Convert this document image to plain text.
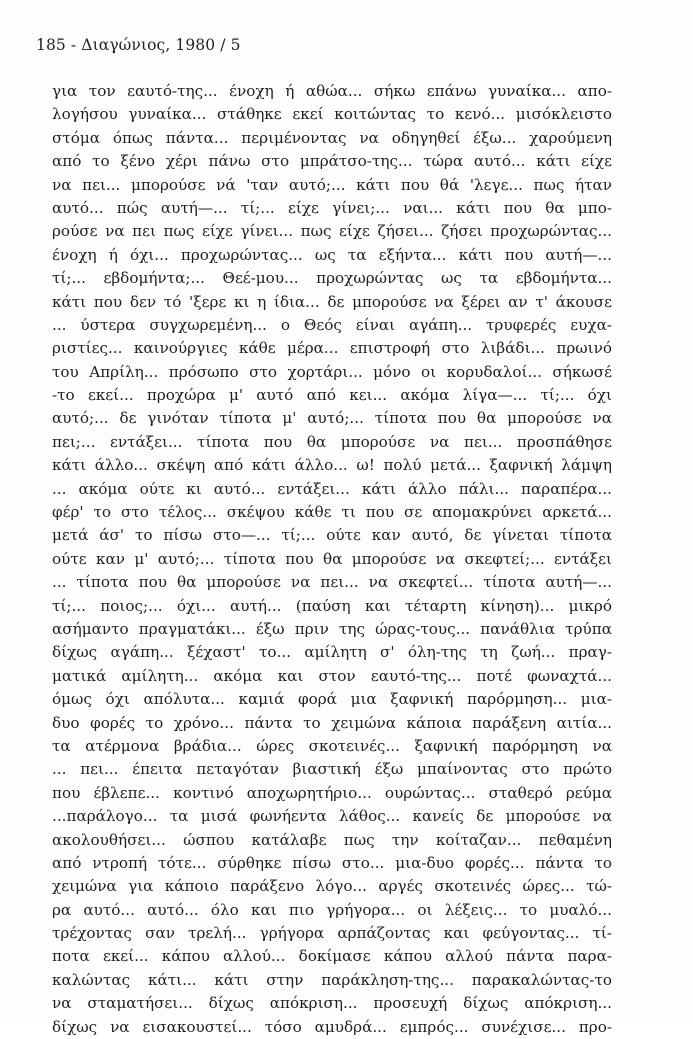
185 - Διαγώνιος, 1980 / 5
για τον εαυτό-της... ένοχη ή αθώα... σήκω επάνω γυναίκα... απο-
λογήσου γυναίκα... στάθηκε εκεί κοιτώντας το κενό... μισόκλειστο
στόμα όπως πάντα... περιμένοντας να οδηγηθεί έξω... χαρούμενη
από το ξένο χέρι πάνω στο μπράτσο-της... τώρα αυτό... κάτι είχε
να πει... μπορούσε νά 'ταν αυτό;... κάτι που θά 'λεγε... πως ήταν
αυτό... πώς αυτή—... τί;... είχε γίνει;... ναι... κάτι που θα μπο-
ρούσε να πει πως είχε γίνει... πως είχε ζήσει... ζήσει προχωρώντας...
ένοχη ή όχι... προχωρώντας... ως τα εξήντα... κάτι που αυτή—...
τί;... εβδομήντα;... Θεέ-μου... προχωρώντας ως τα εβδομήντα...
κάτι που δεν τό 'ξερε κι η ίδια... δε μπορούσε να ξέρει αν τ' άκουσε
... ύστερα συγχωρεμένη... ο Θεός είναι αγάπη... τρυφερές ευχα-
ριστίες... καινούργιες κάθε μέρα... επιστροφή στο λιβάδι... πρωινό
του Απρίλη... πρόσωπο στο χορτάρι... μόνο οι κορυδαλοί... σήκωσέ
-το εκεί... προχώρα μ' αυτό από κει... ακόμα λίγα—... τί;... όχι
αυτό;... δε γινόταν τίποτα μ' αυτό;... τίποτα που θα μπορούσε να
πει;... εντάξει... τίποτα που θα μπορούσε να πει... προσπάθησε
κάτι άλλο... σκέψη από κάτι άλλο... ω! πολύ μετά... ξαφνική λάμψη
... ακόμα ούτε κι αυτό... εντάξει... κάτι άλλο πάλι... παραπέρα...
φέρ' το στο τέλος... σκέψου κάθε τι που σε απομακρύνει αρκετά...
μετά άσ' το πίσω στο—... τί;... ούτε καν αυτό, δε γίνεται τίποτα
ούτε καν μ' αυτό;... τίποτα που θα μπορούσε να σκεφτεί;... εντάξει
... τίποτα που θα μπορούσε να πει... να σκεφτεί... τίποτα αυτή—...
τί;... ποιος;... όχι... αυτή... (παύση και τέταρτη κίνηση)... μικρό
ασήμαντο πραγματάκι... έξω πριν της ώρας-τους... πανάθλια τρύπα
δίχως αγάπη... ξέχαστ' το... αμίλητη σ' όλη-της τη ζωή... πραγ-
ματικά αμίλητη... ακόμα και στον εαυτό-της... ποτέ φωναχτά...
όμως όχι απόλυτα... καμιά φορά μια ξαφνική παρόρμηση... μια-
δυο φορές το χρόνο... πάντα το χειμώνα κάποια παράξενη αιτία...
τα ατέρμονα βράδια... ώρες σκοτεινές... ξαφνική παρόρμηση να
... πει... έπειτα πεταγόταν βιαστική έξω μπαίνοντας στο πρώτο
που έβλεπε... κοντινό αποχωρητήριο... ουρώντας... σταθερό ρεύμα
...παράλογο... τα μισά φωνήεντα λάθος... κανείς δε μπορούσε να
ακολουθήσει... ώσπου κατάλαβε πως την κοίταζαν... πεθαμένη
από ντροπή τότε... σύρθηκε πίσω στο... μια-δυο φορές... πάντα το
χειμώνα για κάποιο παράξενο λόγο... αργές σκοτεινές ώρες... τώ-
ρα αυτό... αυτό... όλο και πιο γρήγορα... οι λέξεις... το μυαλό...
τρέχοντας σαν τρελή... γρήγορα αρπάζοντας και φεύγοντας... τί-
ποτα εκεί... κάπου αλλού... δοκίμασε κάπου αλλού πάντα παρα-
καλώντας κάτι... κάτι στην παράκληση-της... παρακαλώντας-το
να σταματήσει... δίχως απόκριση... προσευχή δίχως απόκριση...
δίχως να εισακουστεί... τόσο αμυδρά... εμπρός... συνέχισε... προ-
